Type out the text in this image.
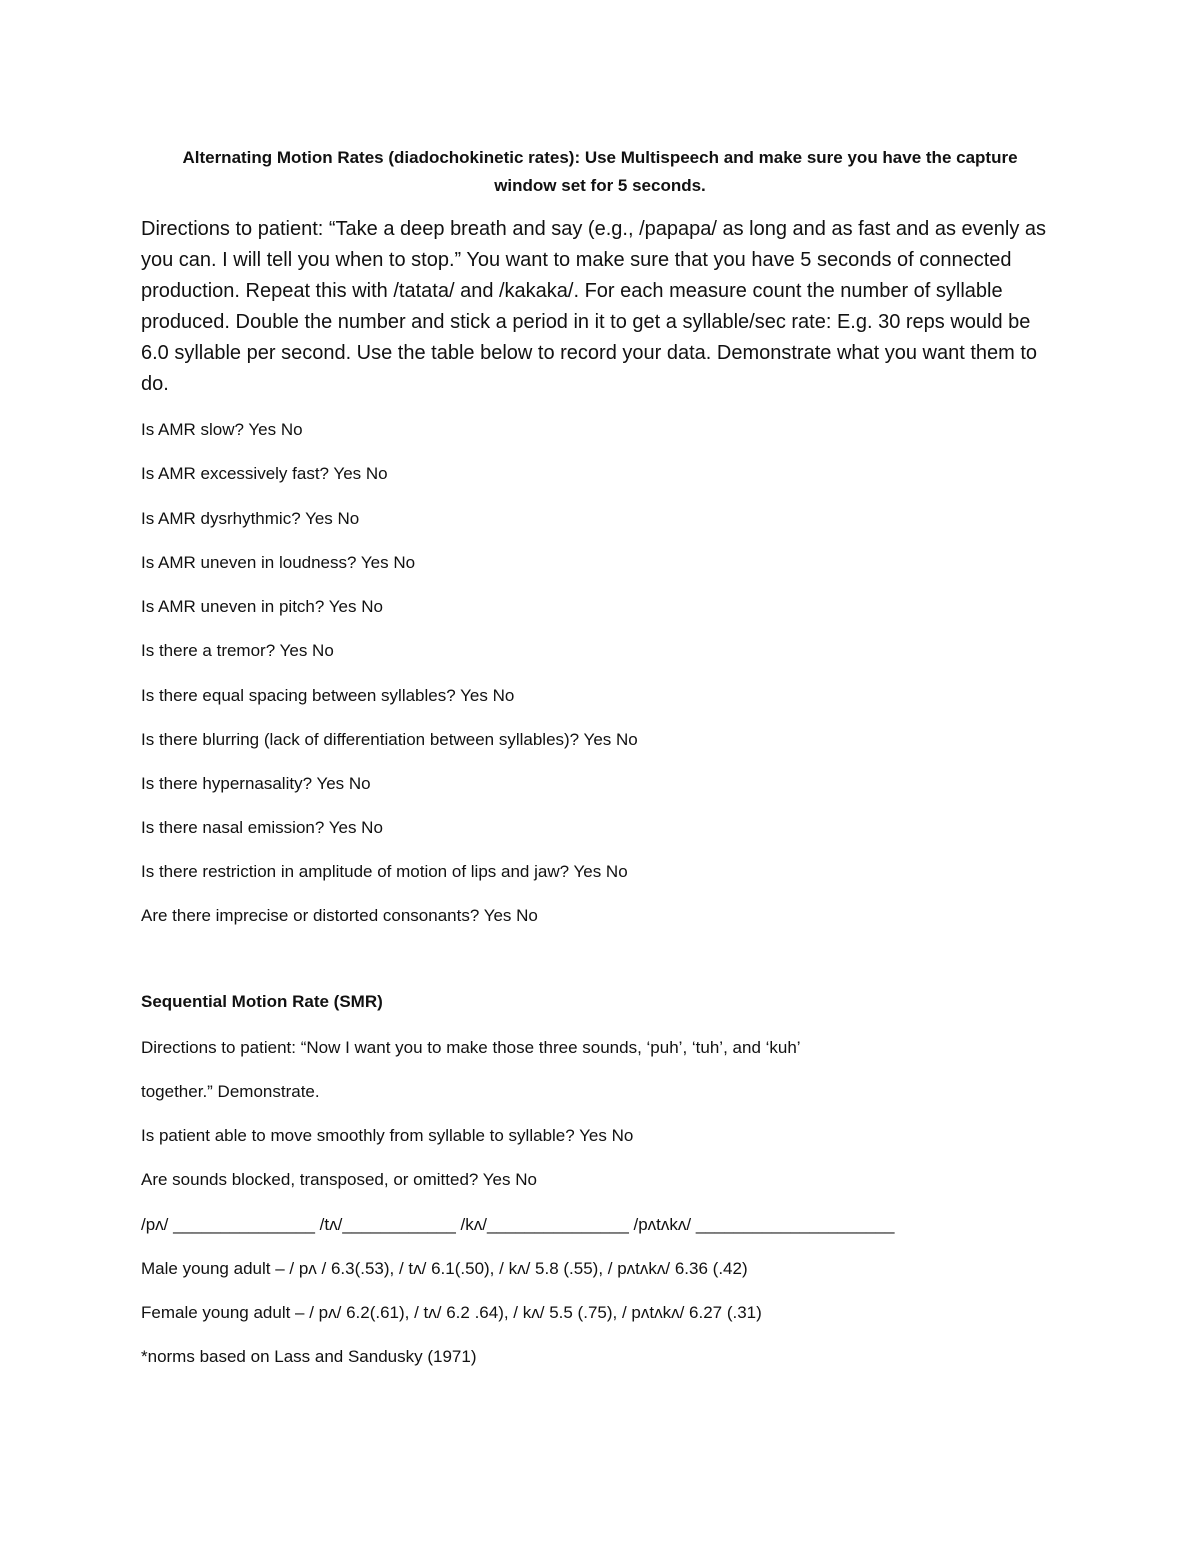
Alternating Motion Rates (diadochokinetic rates): Use Multispeech and make sure you have the capture window set for 5 seconds.
Directions to patient: “Take a deep breath and say (e.g., /papapa/ as long and as fast and as evenly as you can. I will tell you when to stop.” You want to make sure that you have 5 seconds of connected production. Repeat this with /tatata/ and /kakaka/. For each measure count the number of syllable produced. Double the number and stick a period in it to get a syllable/sec rate: E.g. 30 reps would be 6.0 syllable per second. Use the table below to record your data. Demonstrate what you want them to do.
Is AMR slow? Yes No
Is AMR excessively fast? Yes No
Is AMR dysrhythmic? Yes No
Is AMR uneven in loudness? Yes No
Is AMR uneven in pitch? Yes No
Is there a tremor? Yes No
Is there equal spacing between syllables? Yes No
Is there blurring (lack of differentiation between syllables)? Yes No
Is there hypernasality? Yes No
Is there nasal emission? Yes No
Is there restriction in amplitude of motion of lips and jaw? Yes No
Are there imprecise or distorted consonants? Yes No
Sequential Motion Rate (SMR)
Directions to patient: “Now I want you to make those three sounds, ‘puh’, ‘tuh’, and ‘kuh’
together.” Demonstrate.
Is patient able to move smoothly from syllable to syllable? Yes No
Are sounds blocked, transposed, or omitted? Yes No
/pʌ/ _______________ /tʌ/____________ /kʌ/_______________ /pʌtʌkʌ/ _____________________
Male young adult – / pʌ / 6.3(.53), / tʌ/ 6.1(.50), / kʌ/ 5.8 (.55), / pʌtʌkʌ/ 6.36 (.42)
Female young adult – / pʌ/ 6.2(.61), / tʌ/ 6.2 .64), / kʌ/ 5.5 (.75), / pʌtʌkʌ/ 6.27 (.31)
*norms based on Lass and Sandusky (1971)
